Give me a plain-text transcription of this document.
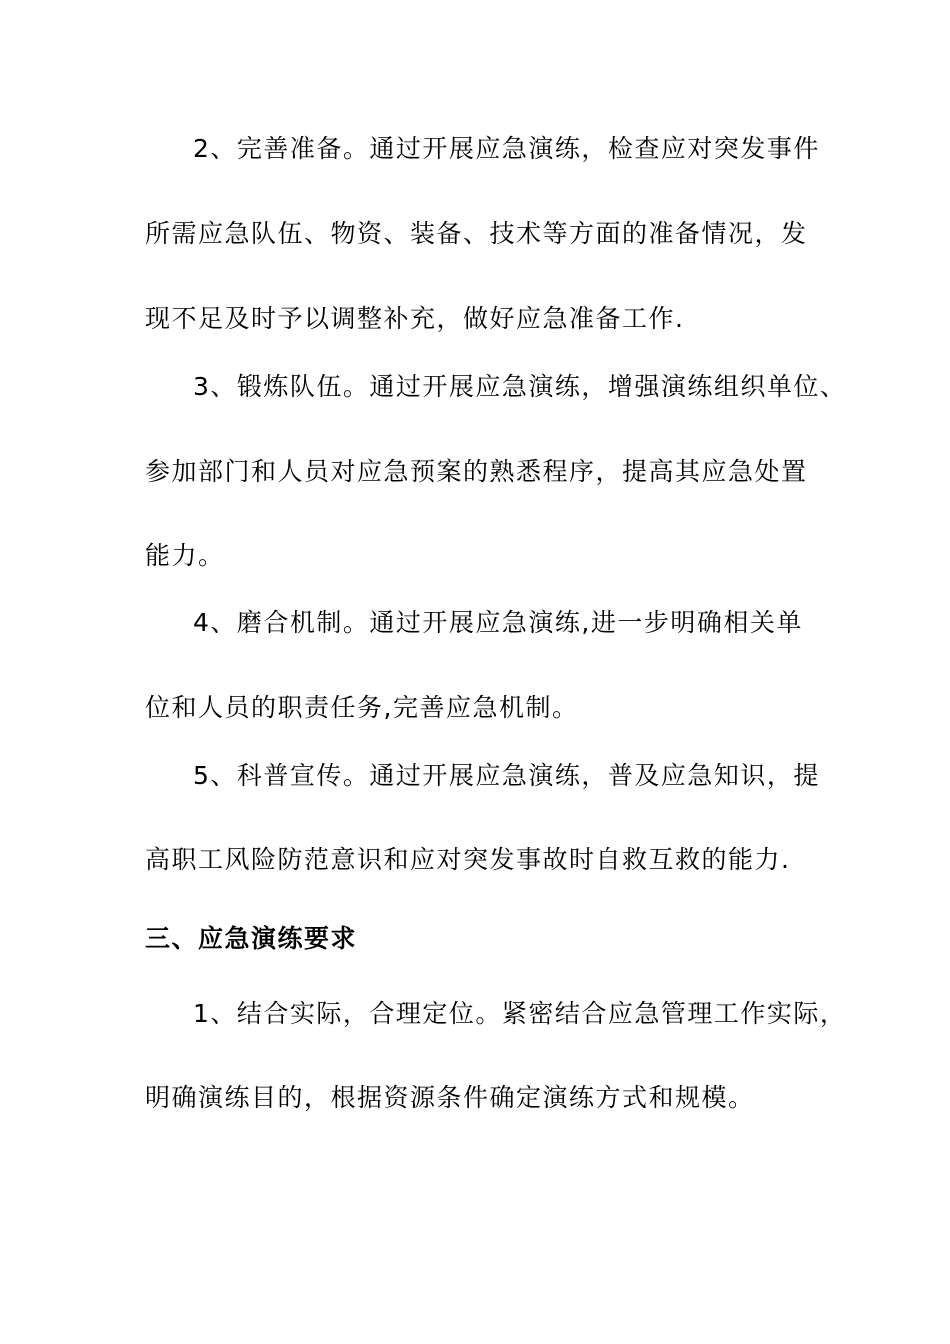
2、完善准备。通过开展应急演练，检查应对突发事件
所需应急队伍、物资、装备、技术等方面的准备情况，发
现不足及时予以调整补充，做好应急准备工作.
3、锻炼队伍。通过开展应急演练，增强演练组织单位、
参加部门和人员对应急预案的熟悉程序，提高其应急处置
能力。
4、磨合机制。通过开展应急演练,进一步明确相关单
位和人员的职责任务,完善应急机制。
5、科普宣传。通过开展应急演练，普及应急知识，提
高职工风险防范意识和应对突发事故时自救互救的能力.
三、应急演练要求
1、结合实际，合理定位。紧密结合应急管理工作实际，
明确演练目的，根据资源条件确定演练方式和规模。
